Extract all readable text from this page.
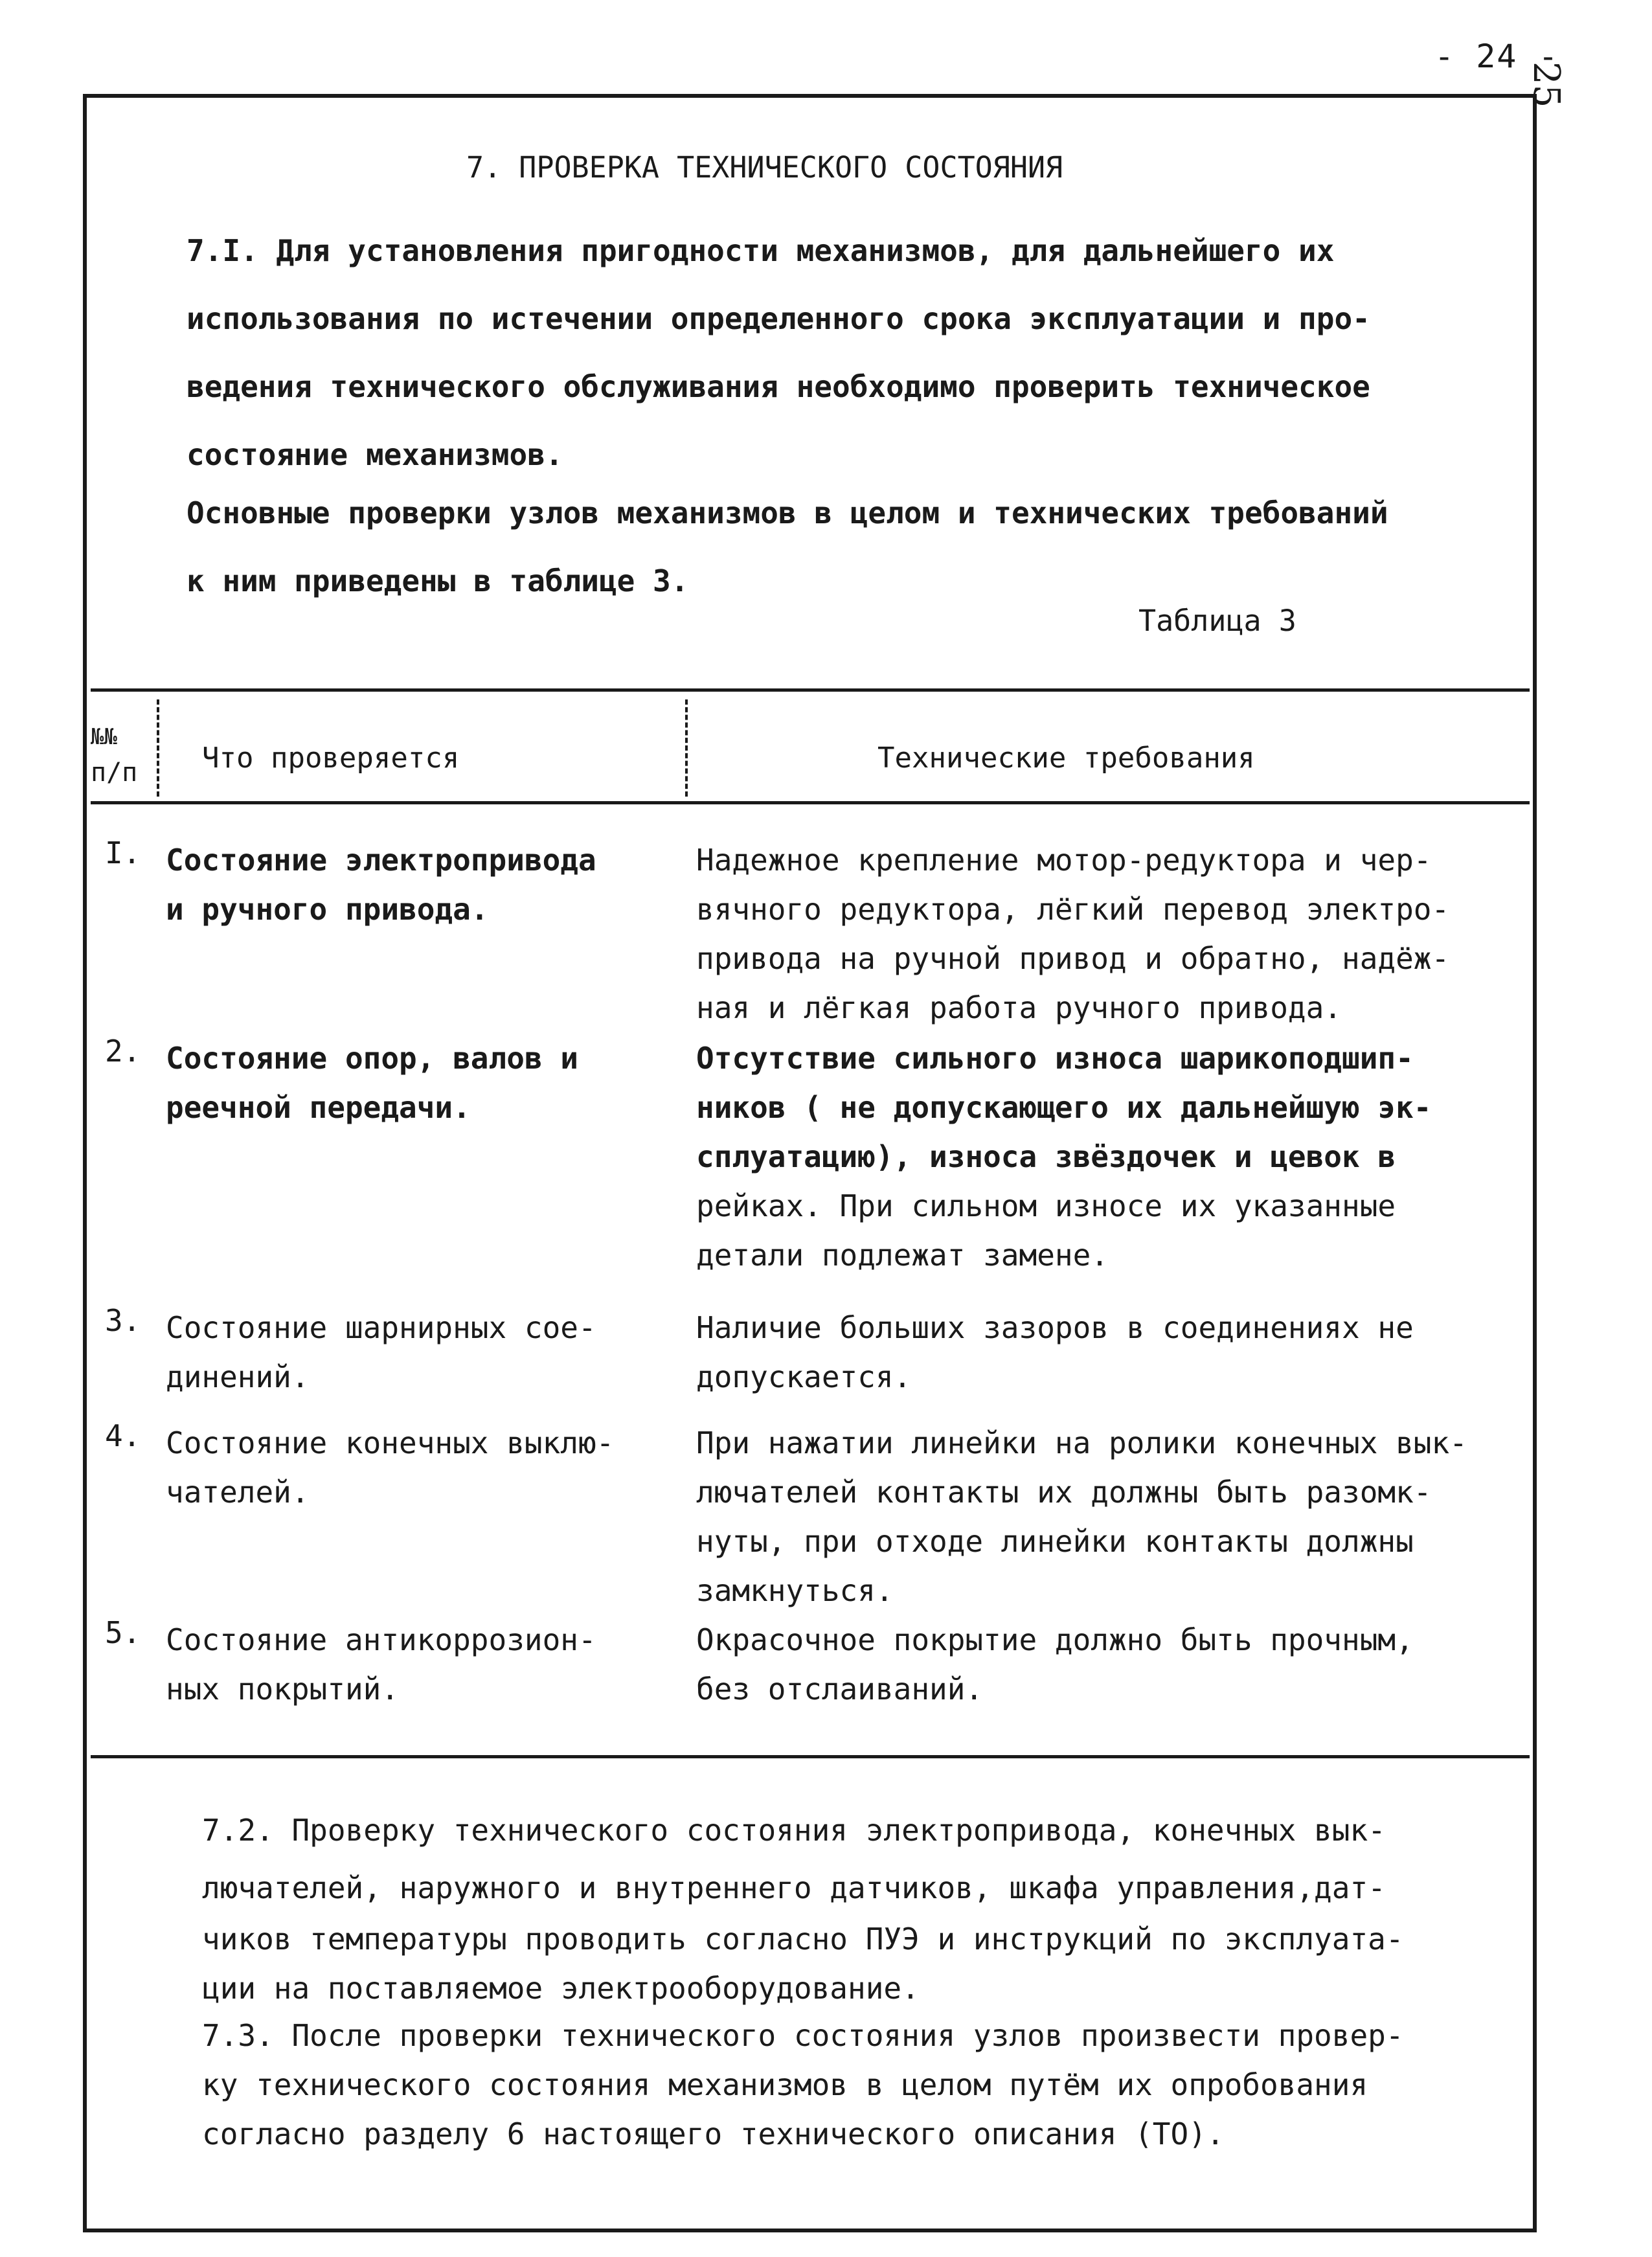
- 24 -
25
7. ПРОВЕРКА ТЕХНИЧЕСКОГО СОСТОЯНИЯ
7.I. Для установления пригодности механизмов, для дальнейшего их
использования по истечении определенного срока эксплуатации и про-
ведения технического обслуживания необходимо проверить техническое
состояние механизмов.
Основные проверки узлов механизмов в целом и технических требований
к ним приведены в таблице 3.
Таблица 3
№№
п/п Что проверяется	Технические требования
I. Состояние электропривода
и ручного привода.
Надежное крепление мотор-редуктора и чер-
вячного редуктора, лёгкий перевод электро-
привода на ручной привод и обратно, надёж-
ная и лёгкая работа ручного привода.
2. Состояние опор, валов и
реечной передачи.
Отсутствие сильного износа шарикоподшип-
ников ( не допускающего их дальнейшую эк-
сплуатацию), износа звёздочек и цевок в
рейках. При сильном износе их указанные
детали подлежат замене.
3. Состояние шарнирных сое-
динений.
Наличие больших зазоров в соединениях не
допускается.
4. Состояние конечных выклю-
чателей.
При нажатии линейки на ролики конечных вык-
лючателей контакты их должны быть разомк-
нуты, при отходе линейки контакты должны
замкнуться.
5. Состояние антикоррозион-
ных покрытий.
Окрасочное покрытие должно быть прочным,
без отслаиваний.
7.2. Проверку технического состояния электропривода, конечных вык-
лючателей, наружного и внутреннего датчиков, шкафа управления,дат-
чиков температуры проводить согласно ПУЭ и инструкций по эксплуата-
ции на поставляемое электрооборудование.
7.3. После проверки технического состояния узлов произвести провер-
ку технического состояния механизмов в целом путём их опробования
согласно разделу 6 настоящего технического описания (ТО).
